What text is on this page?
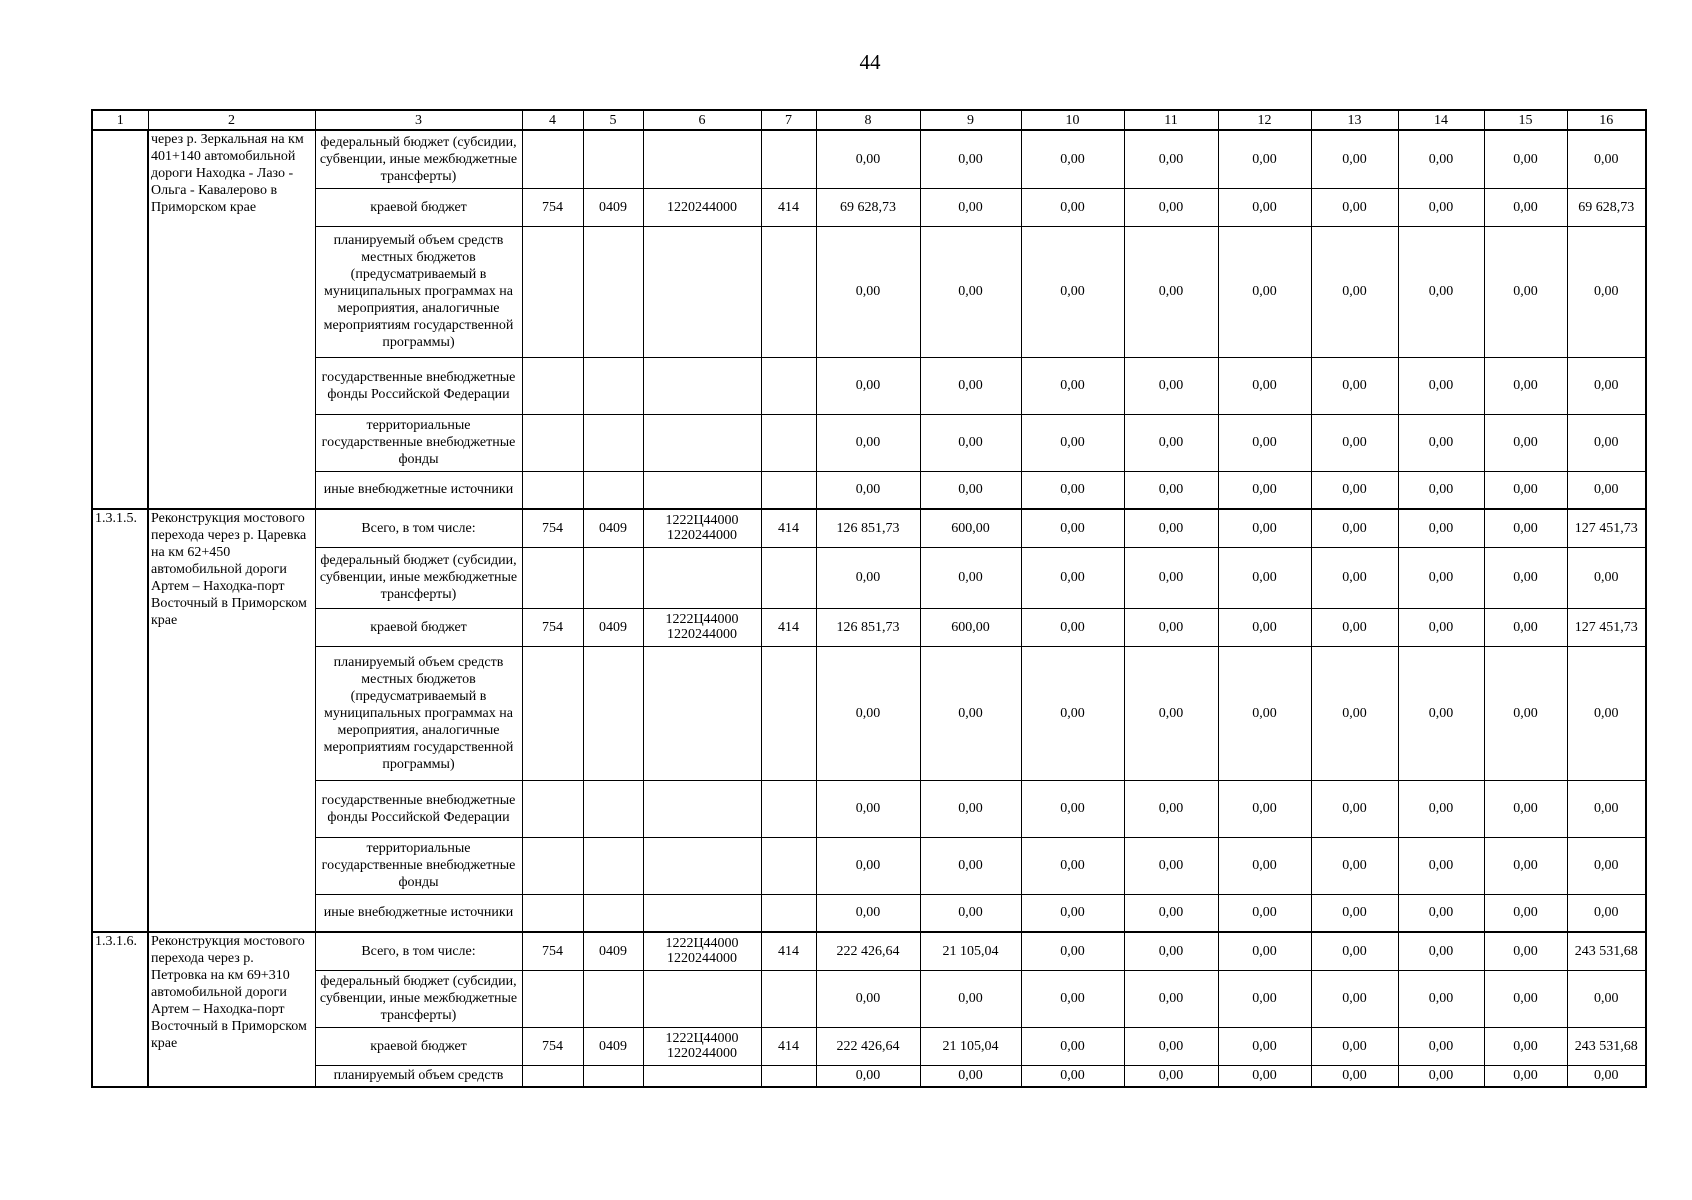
44
1	2	3	4	5	6	7	8	9	10	11	12	13	14	15	16
	через р. Зеркальная на км 401+140 автомобильной дороги Находка - Лазо - Ольга - Кавалерово в Приморском крае	федеральный бюджет (субсидии, субвенции, иные межбюджетные трансферты)					0,00	0,00	0,00	0,00	0,00	0,00	0,00	0,00	0,00
		краевой бюджет	754	0409	1220244000	414	69 628,73	0,00	0,00	0,00	0,00	0,00	0,00	0,00	69 628,73
		планируемый объем средств местных бюджетов (предусматриваемый в муниципальных программах на мероприятия, аналогичные мероприятиям государственной программы)					0,00	0,00	0,00	0,00	0,00	0,00	0,00	0,00	0,00
		государственные внебюджетные фонды Российской Федерации					0,00	0,00	0,00	0,00	0,00	0,00	0,00	0,00	0,00
		территориальные государственные внебюджетные фонды					0,00	0,00	0,00	0,00	0,00	0,00	0,00	0,00	0,00
		иные внебюджетные источники					0,00	0,00	0,00	0,00	0,00	0,00	0,00	0,00	0,00
1.3.1.5.	Реконструкция мостового перехода через р. Царевка на км 62+450 автомобильной дороги Артем – Находка-порт Восточный в Приморском крае	Всего, в том числе:	754	0409	1222Ц44000 1220244000	414	126 851,73	600,00	0,00	0,00	0,00	0,00	0,00	0,00	127 451,73
		федеральный бюджет (субсидии, субвенции, иные межбюджетные трансферты)					0,00	0,00	0,00	0,00	0,00	0,00	0,00	0,00	0,00
		краевой бюджет	754	0409	1222Ц44000 1220244000	414	126 851,73	600,00	0,00	0,00	0,00	0,00	0,00	0,00	127 451,73
		планируемый объем средств местных бюджетов (предусматриваемый в муниципальных программах на мероприятия, аналогичные мероприятиям государственной программы)					0,00	0,00	0,00	0,00	0,00	0,00	0,00	0,00	0,00
		государственные внебюджетные фонды Российской Федерации					0,00	0,00	0,00	0,00	0,00	0,00	0,00	0,00	0,00
		территориальные государственные внебюджетные фонды					0,00	0,00	0,00	0,00	0,00	0,00	0,00	0,00	0,00
		иные внебюджетные источники					0,00	0,00	0,00	0,00	0,00	0,00	0,00	0,00	0,00
1.3.1.6.	Реконструкция мостового перехода через р. Петровка на км 69+310 автомобильной дороги Артем – Находка-порт Восточный в Приморском крае	Всего, в том числе:	754	0409	1222Ц44000 1220244000	414	222 426,64	21 105,04	0,00	0,00	0,00	0,00	0,00	0,00	243 531,68
		федеральный бюджет (субсидии, субвенции, иные межбюджетные трансферты)					0,00	0,00	0,00	0,00	0,00	0,00	0,00	0,00	0,00
		краевой бюджет	754	0409	1222Ц44000 1220244000	414	222 426,64	21 105,04	0,00	0,00	0,00	0,00	0,00	0,00	243 531,68
		планируемый объем средств					0,00	0,00	0,00	0,00	0,00	0,00	0,00	0,00	0,00
